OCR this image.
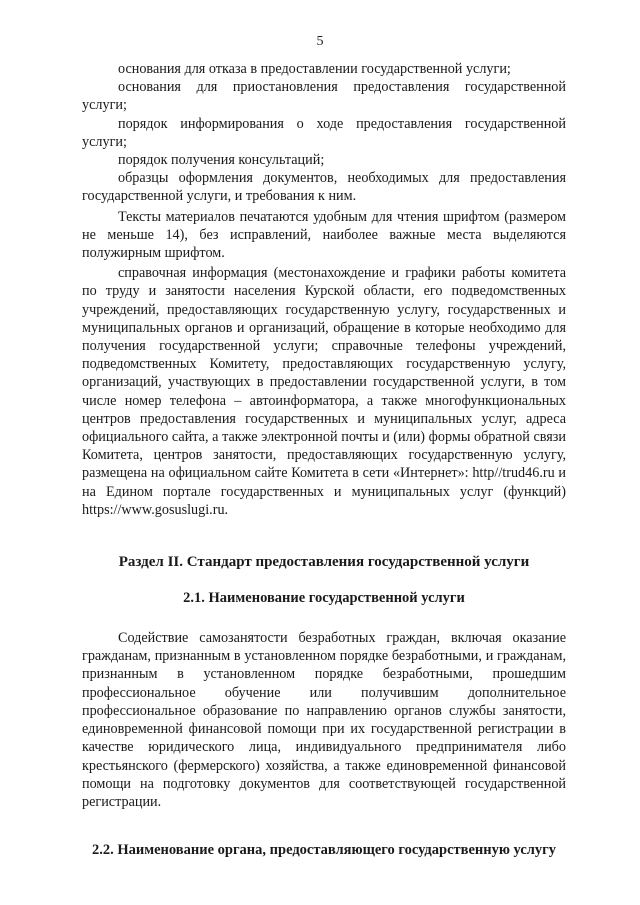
5

основания для отказа в предоставлении государственной услуги;

основания для приостановления предоставления государственной услуги;

порядок информирования о ходе предоставления государственной услуги;

порядок получения консультаций;

образцы оформления документов, необходимых для предоставления государственной услуги, и требования к ним.

Тексты материалов печатаются удобным для чтения шрифтом (размером не меньше 14), без исправлений, наиболее важные места выделяются полужирным шрифтом.

справочная информация (местонахождение и графики работы комитета по труду и занятости населения Курской области, его подведомственных учреждений, предоставляющих государственную услугу, государственных и муниципальных органов и организаций, обращение в которые необходимо для получения государственной услуги; справочные телефоны учреждений, подведомственных Комитету, предоставляющих государственную услугу, организаций, участвующих в предоставлении государственной услуги, в том числе номер телефона – автоинформатора, а также многофункциональных центров предоставления государственных и муниципальных услуг, адреса официального сайта, а также электронной почты и (или) формы обратной связи Комитета, центров занятости, предоставляющих государственную услугу, размещена на официальном сайте Комитета в сети «Интернет»: http//trud46.ru и на Едином портале государственных и муниципальных услуг (функций) https://www.gosuslugi.ru.

Раздел II. Стандарт предоставления государственной услуги
2.1. Наименование государственной услуги

Содействие самозанятости безработных граждан, включая оказание гражданам, признанным в установленном порядке безработными, и гражданам, признанным в установленном порядке безработными, прошедшим профессиональное обучение или получившим дополнительное профессиональное образование по направлению органов службы занятости, единовременной финансовой помощи при их государственной регистрации в качестве юридического лица, индивидуального предпринимателя либо крестьянского (фермерского) хозяйства, а также единовременной финансовой помощи на подготовку документов для соответствующей государственной регистрации.

2.2. Наименование органа, предоставляющего государственную услугу
